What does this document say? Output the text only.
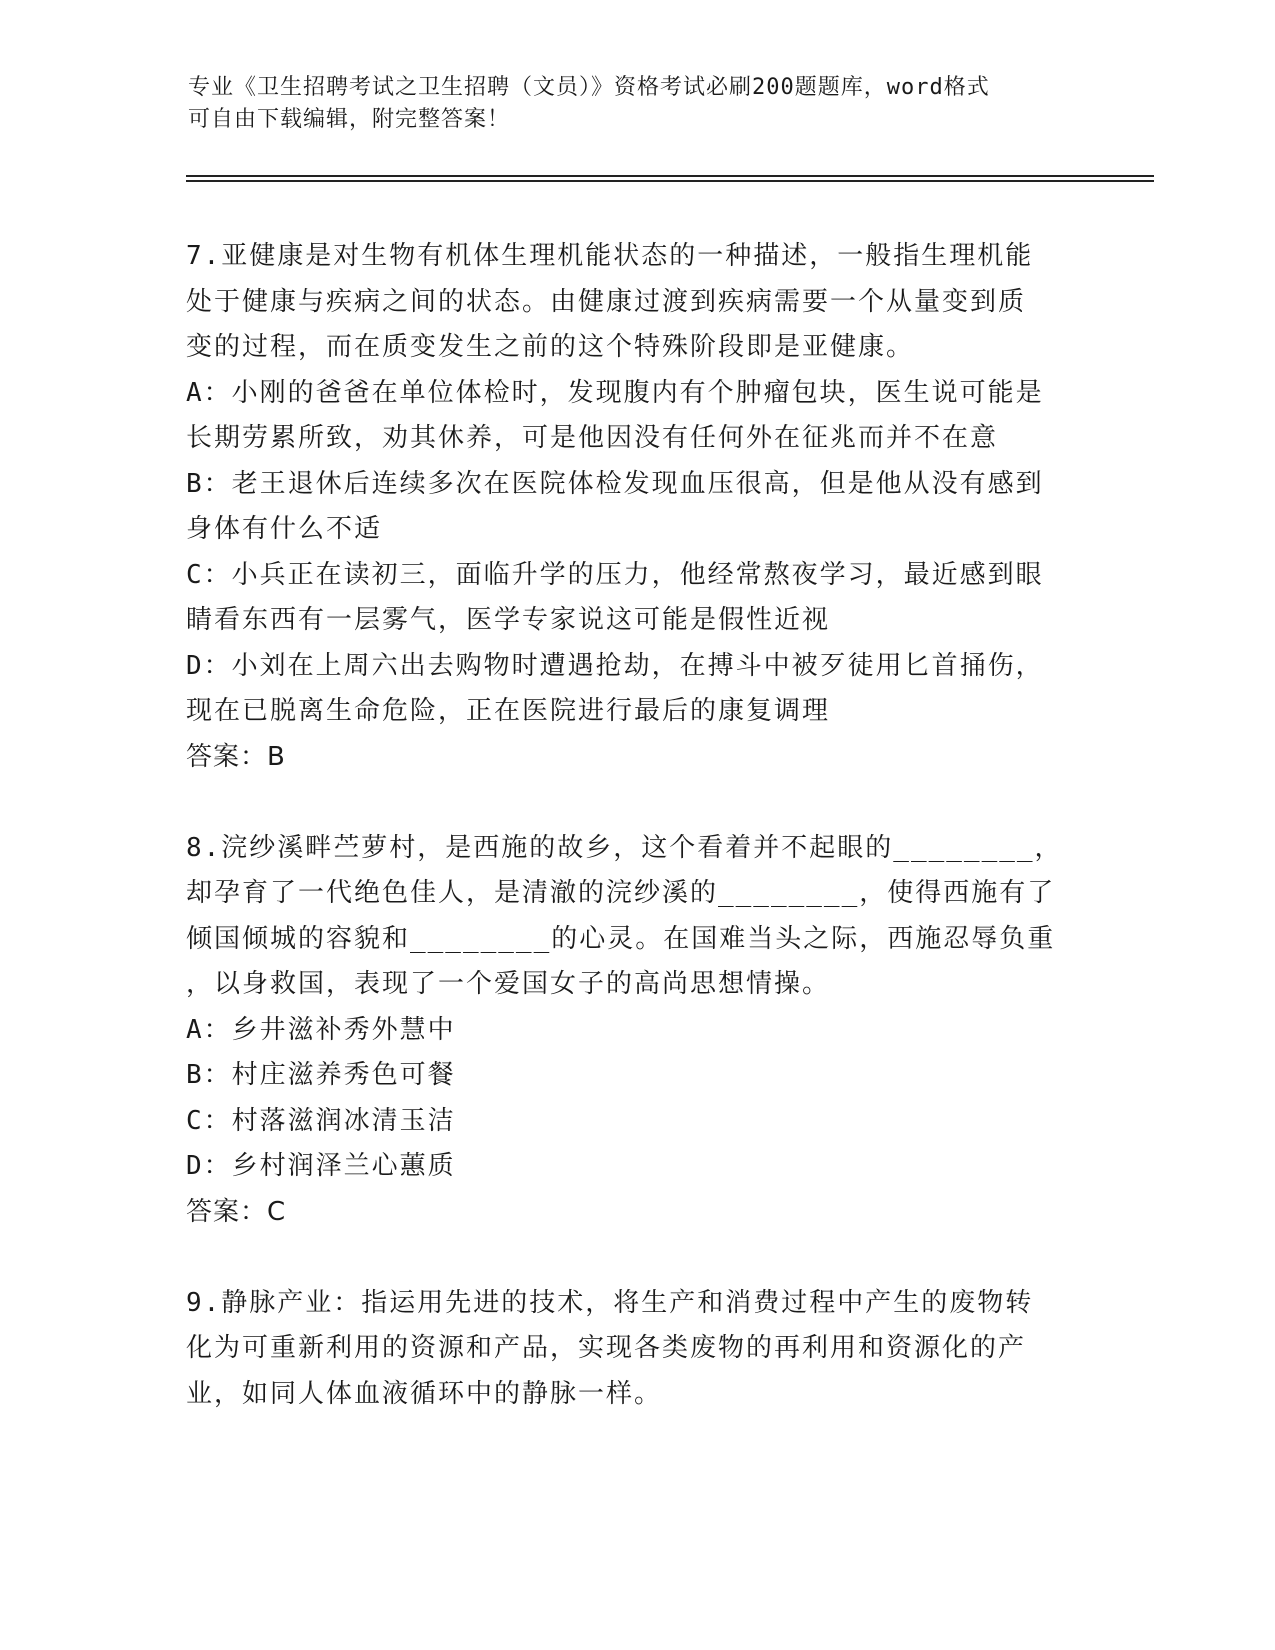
专业《卫生招聘考试之卫生招聘（文员）》资格考试必刷200题题库，word格式
可自由下载编辑，附完整答案！
7.亚健康是对生物有机体生理机能状态的一种描述，一般指生理机能
处于健康与疾病之间的状态。由健康过渡到疾病需要一个从量变到质
变的过程，而在质变发生之前的这个特殊阶段即是亚健康。
A：小刚的爸爸在单位体检时，发现腹内有个肿瘤包块，医生说可能是
长期劳累所致，劝其休养，可是他因没有任何外在征兆而并不在意
B：老王退休后连续多次在医院体检发现血压很高，但是他从没有感到
身体有什么不适
C：小兵正在读初三，面临升学的压力，他经常熬夜学习，最近感到眼
睛看东西有一层雾气，医学专家说这可能是假性近视
D：小刘在上周六出去购物时遭遇抢劫，在搏斗中被歹徒用匕首捅伤，
现在已脱离生命危险，正在医院进行最后的康复调理
答案：B
8.浣纱溪畔苎萝村，是西施的故乡，这个看着并不起眼的________，
却孕育了一代绝色佳人，是清澈的浣纱溪的________，使得西施有了
倾国倾城的容貌和________的心灵。在国难当头之际，西施忍辱负重
，以身救国，表现了一个爱国女子的高尚思想情操。
A：乡井滋补秀外慧中
B：村庄滋养秀色可餐
C：村落滋润冰清玉洁
D：乡村润泽兰心蕙质
答案：C
9.静脉产业：指运用先进的技术，将生产和消费过程中产生的废物转
化为可重新利用的资源和产品，实现各类废物的再利用和资源化的产
业，如同人体血液循环中的静脉一样。
